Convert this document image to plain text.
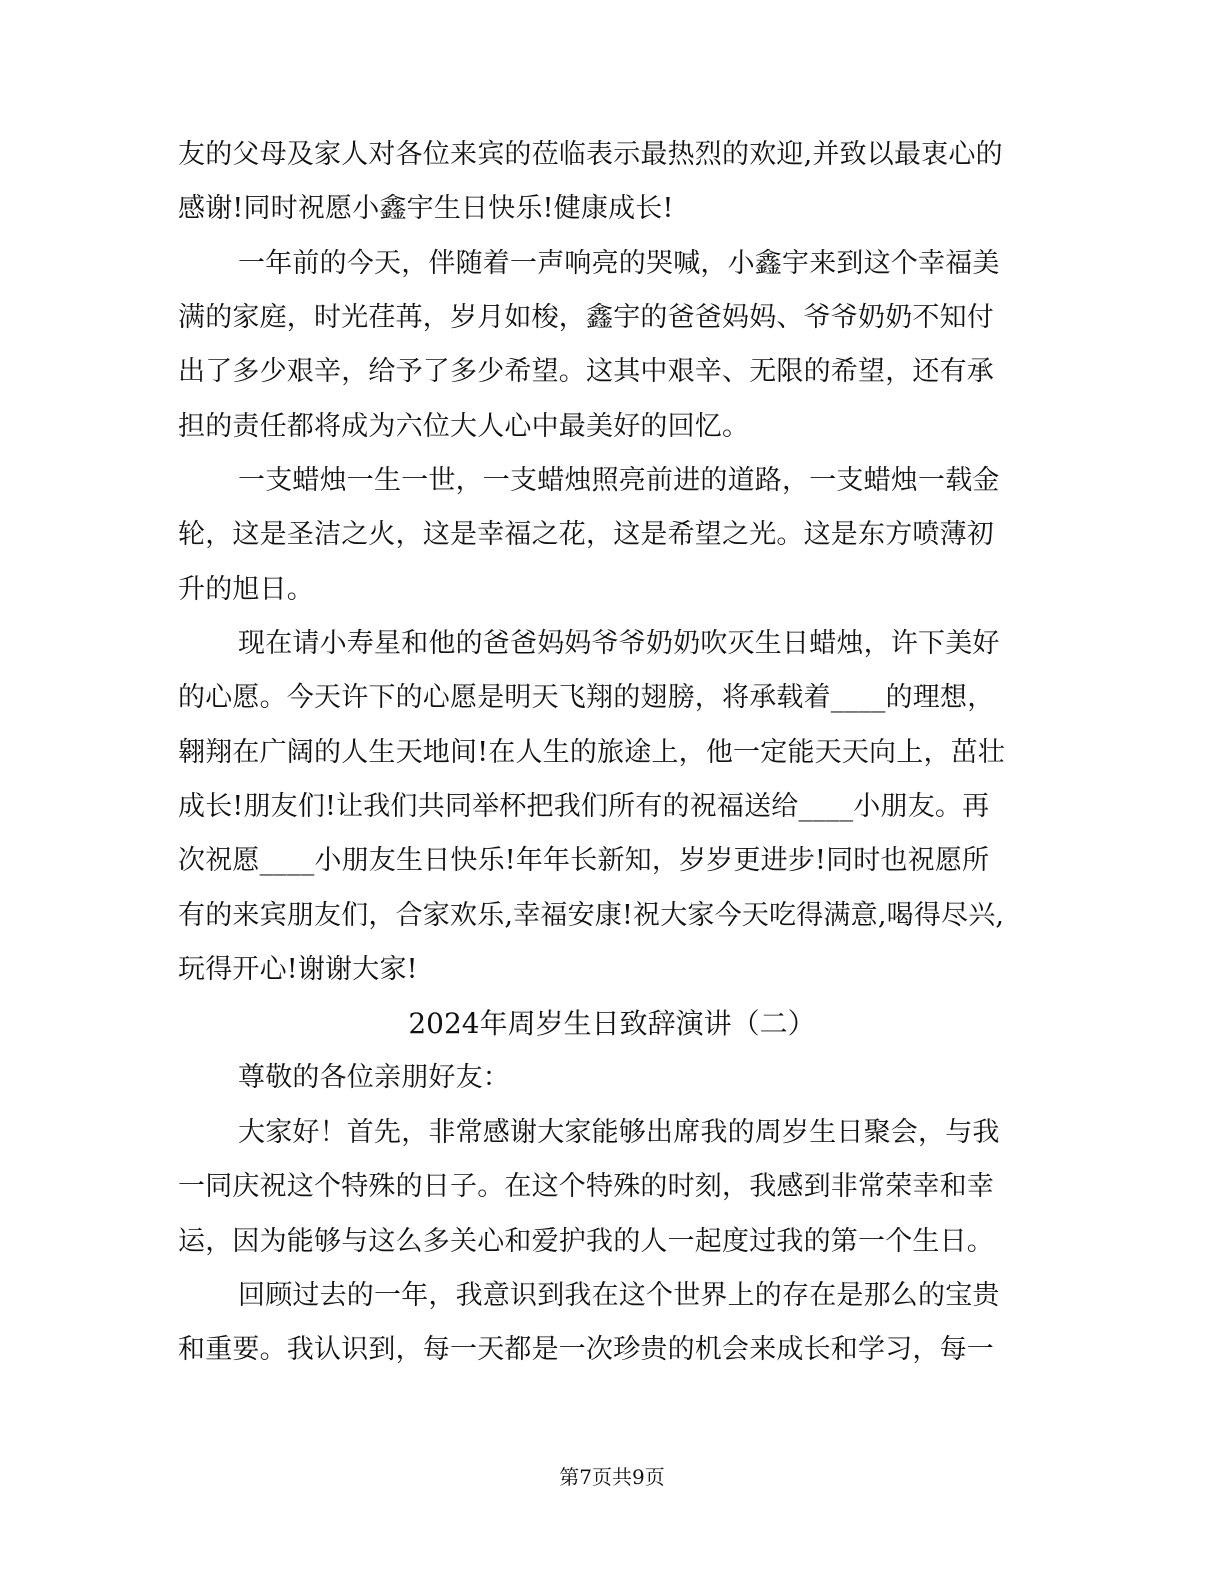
友的父母及家人对各位来宾的莅临表示最热烈的欢迎,并致以最衷心的
感谢!同时祝愿小鑫宇生日快乐!健康成长!
一年前的今天，伴随着一声响亮的哭喊，小鑫宇来到这个幸福美
满的家庭，时光荏苒，岁月如梭，鑫宇的爸爸妈妈、爷爷奶奶不知付
出了多少艰辛，给予了多少希望。这其中艰辛、无限的希望，还有承
担的责任都将成为六位大人心中最美好的回忆。
一支蜡烛一生一世，一支蜡烛照亮前进的道路，一支蜡烛一载金
轮，这是圣洁之火，这是幸福之花，这是希望之光。这是东方喷薄初
升的旭日。
现在请小寿星和他的爸爸妈妈爷爷奶奶吹灭生日蜡烛，许下美好
的心愿。今天许下的心愿是明天飞翔的翅膀，将承载着____的理想，
翱翔在广阔的人生天地间!在人生的旅途上，他一定能天天向上，茁壮
成长!朋友们!让我们共同举杯把我们所有的祝福送给____小朋友。再
次祝愿____小朋友生日快乐!年年长新知，岁岁更进步!同时也祝愿所
有的来宾朋友们，合家欢乐,幸福安康!祝大家今天吃得满意,喝得尽兴,
玩得开心!谢谢大家!
2024年周岁生日致辞演讲（二）
尊敬的各位亲朋好友：
大家好！首先，非常感谢大家能够出席我的周岁生日聚会，与我
一同庆祝这个特殊的日子。在这个特殊的时刻，我感到非常荣幸和幸
运，因为能够与这么多关心和爱护我的人一起度过我的第一个生日。
回顾过去的一年，我意识到我在这个世界上的存在是那么的宝贵
和重要。我认识到，每一天都是一次珍贵的机会来成长和学习，每一
第7页共9页
